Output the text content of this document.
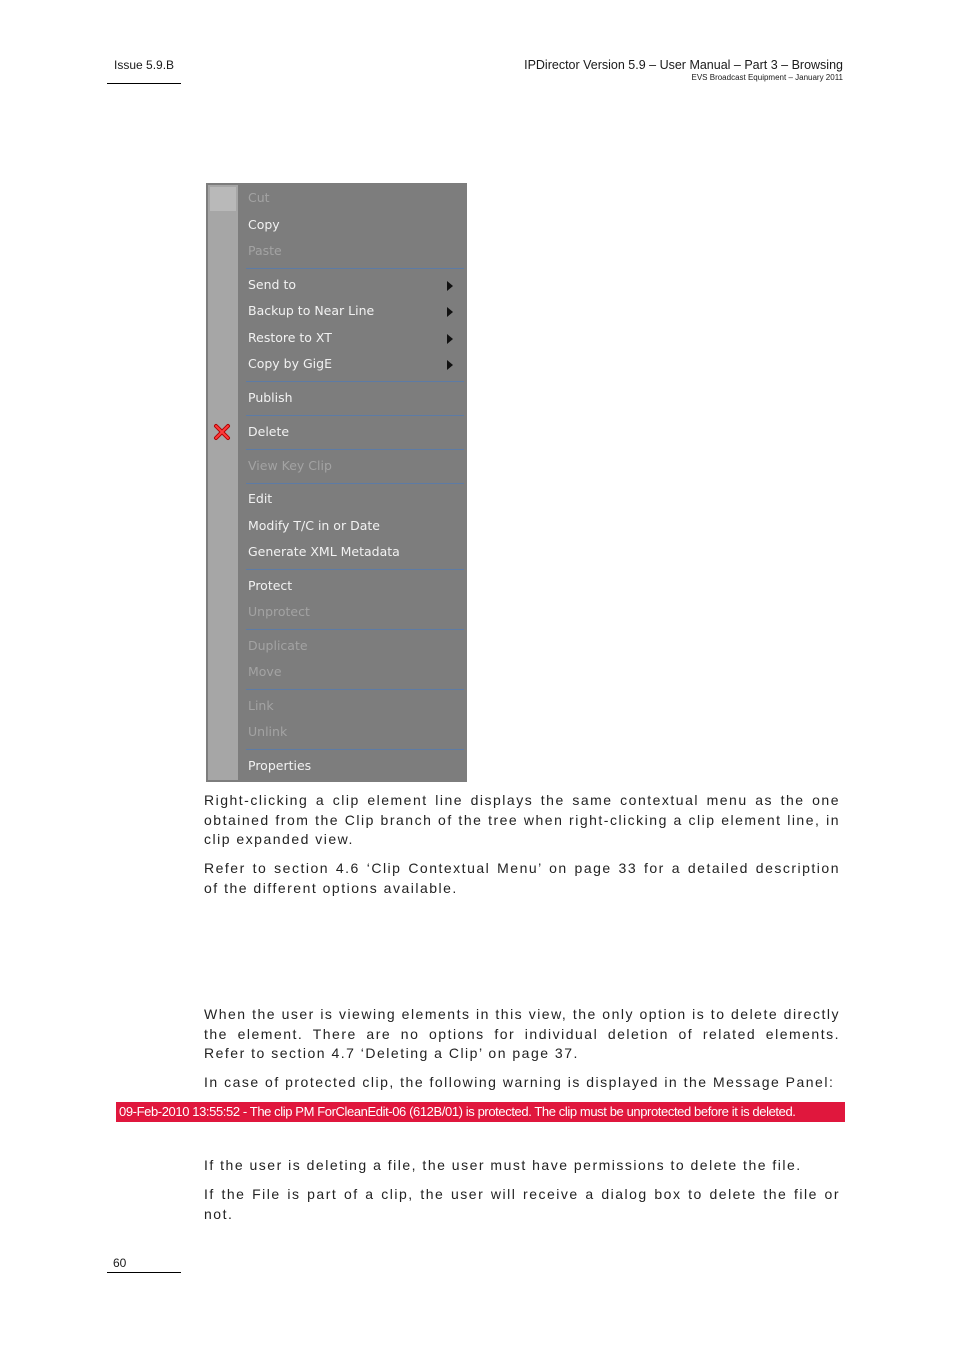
Issue 5.9.B	IPDirector Version 5.9 – User Manual – Part 3 – Browsing
EVS Broadcast Equipment – January 2011
Cut
Copy
Paste
Send to
Backup to Near Line
Restore to XT
Copy by GigE
Publish
Delete
View Key Clip
Edit
Modify T/C in or Date
Generate XML Metadata
Protect
Unprotect
Duplicate
Move
Link
Unlink
Properties
Right-clicking a clip element line displays the same contextual menu as the one obtained from the Clip branch of the tree when right-clicking a clip element line, in clip expanded view.
Refer to section 4.6 ‘Clip Contextual Menu’ on page 33 for a detailed description of the different options available.
When the user is viewing elements in this view, the only option is to delete directly the element. There are no options for individual deletion of related elements. Refer to section 4.7 ‘Deleting a Clip’ on page 37.
In case of protected clip, the following warning is displayed in the Message Panel:
09-Feb-2010 13:55:52 - The clip PM ForCleanEdit-06 (612B/01) is protected. The clip must be unprotected before it is deleted.
If the user is deleting a file, the user must have permissions to delete the file.
If the File is part of a clip, the user will receive a dialog box to delete the file or not.
60
